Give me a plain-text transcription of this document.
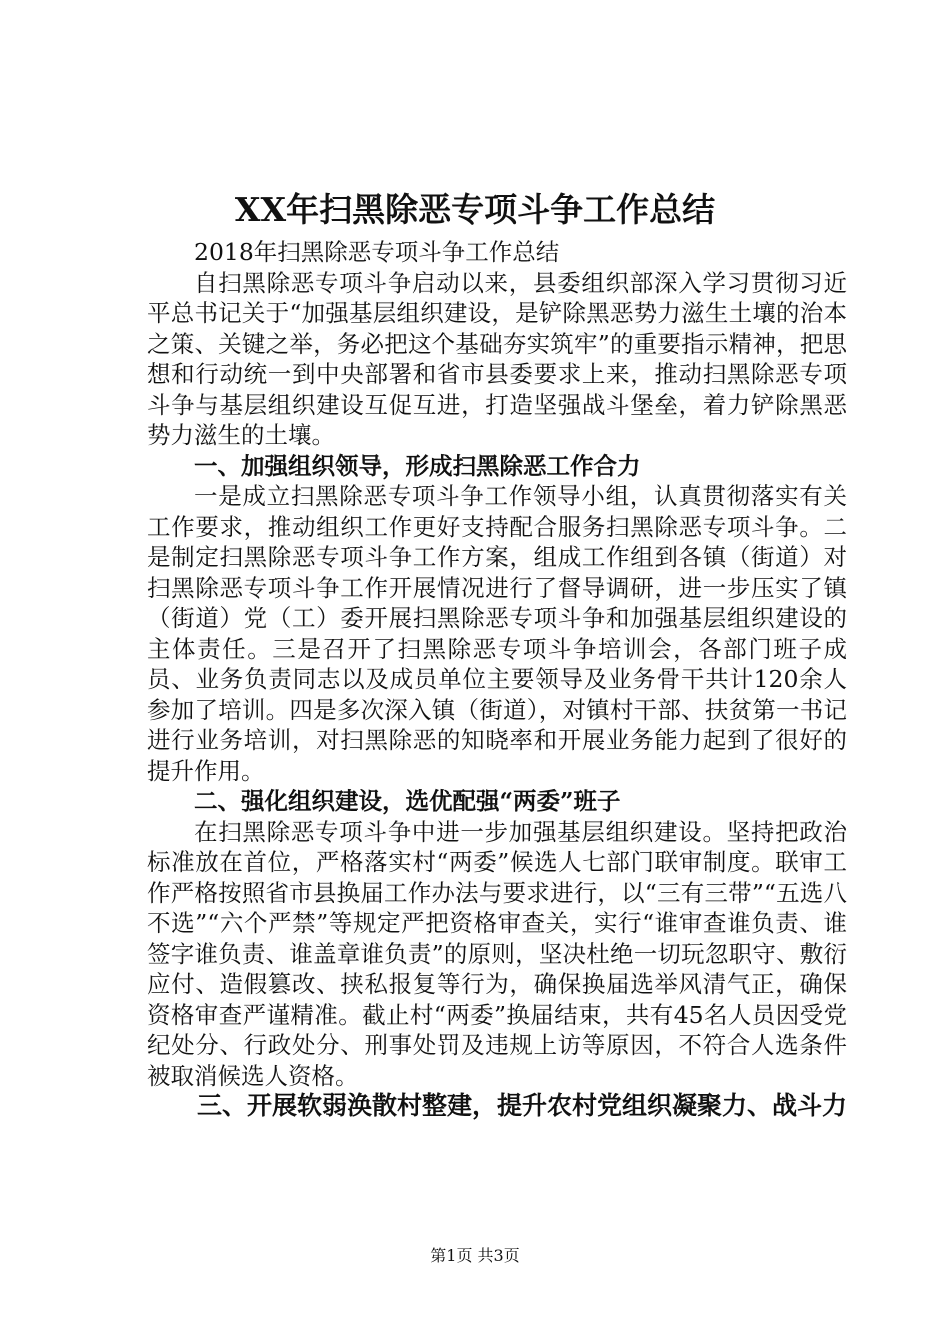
XX年扫黑除恶专项斗争工作总结

2018年扫黑除恶专项斗争工作总结

自扫黑除恶专项斗争启动以来，县委组织部深入学习贯彻习近平总书记关于“加强基层组织建设，是铲除黑恶势力滋生土壤的治本之策、关键之举，务必把这个基础夯实筑牢”的重要指示精神，把思想和行动统一到中央部署和省市县委要求上来，推动扫黑除恶专项斗争与基层组织建设互促互进，打造坚强战斗堡垒，着力铲除黑恶势力滋生的土壤。

一、加强组织领导，形成扫黑除恶工作合力

一是成立扫黑除恶专项斗争工作领导小组，认真贯彻落实有关工作要求，推动组织工作更好支持配合服务扫黑除恶专项斗争。二是制定扫黑除恶专项斗争工作方案，组成工作组到各镇（街道）对扫黑除恶专项斗争工作开展情况进行了督导调研，进一步压实了镇（街道）党（工）委开展扫黑除恶专项斗争和加强基层组织建设的主体责任。三是召开了扫黑除恶专项斗争培训会，各部门班子成员、业务负责同志以及成员单位主要领导及业务骨干共计120余人参加了培训。四是多次深入镇（街道），对镇村干部、扶贫第一书记进行业务培训，对扫黑除恶的知晓率和开展业务能力起到了很好的提升作用。

二、强化组织建设，选优配强“两委”班子

在扫黑除恶专项斗争中进一步加强基层组织建设。坚持把政治标准放在首位，严格落实村“两委”候选人七部门联审制度。联审工作严格按照省市县换届工作办法与要求进行，以“三有三带”“五选八不选”“六个严禁”等规定严把资格审查关，实行“谁审查谁负责、谁签字谁负责、谁盖章谁负责”的原则，坚决杜绝一切玩忽职守、敷衍应付、造假篡改、挟私报复等行为，确保换届选举风清气正，确保资格审查严谨精准。截止村“两委”换届结束，共有45名人员因受党纪处分、行政处分、刑事处罚及违规上访等原因，不符合人选条件被取消候选人资格。

三、开展软弱涣散村整建，提升农村党组织凝聚力、战斗力

第1页 共3页
